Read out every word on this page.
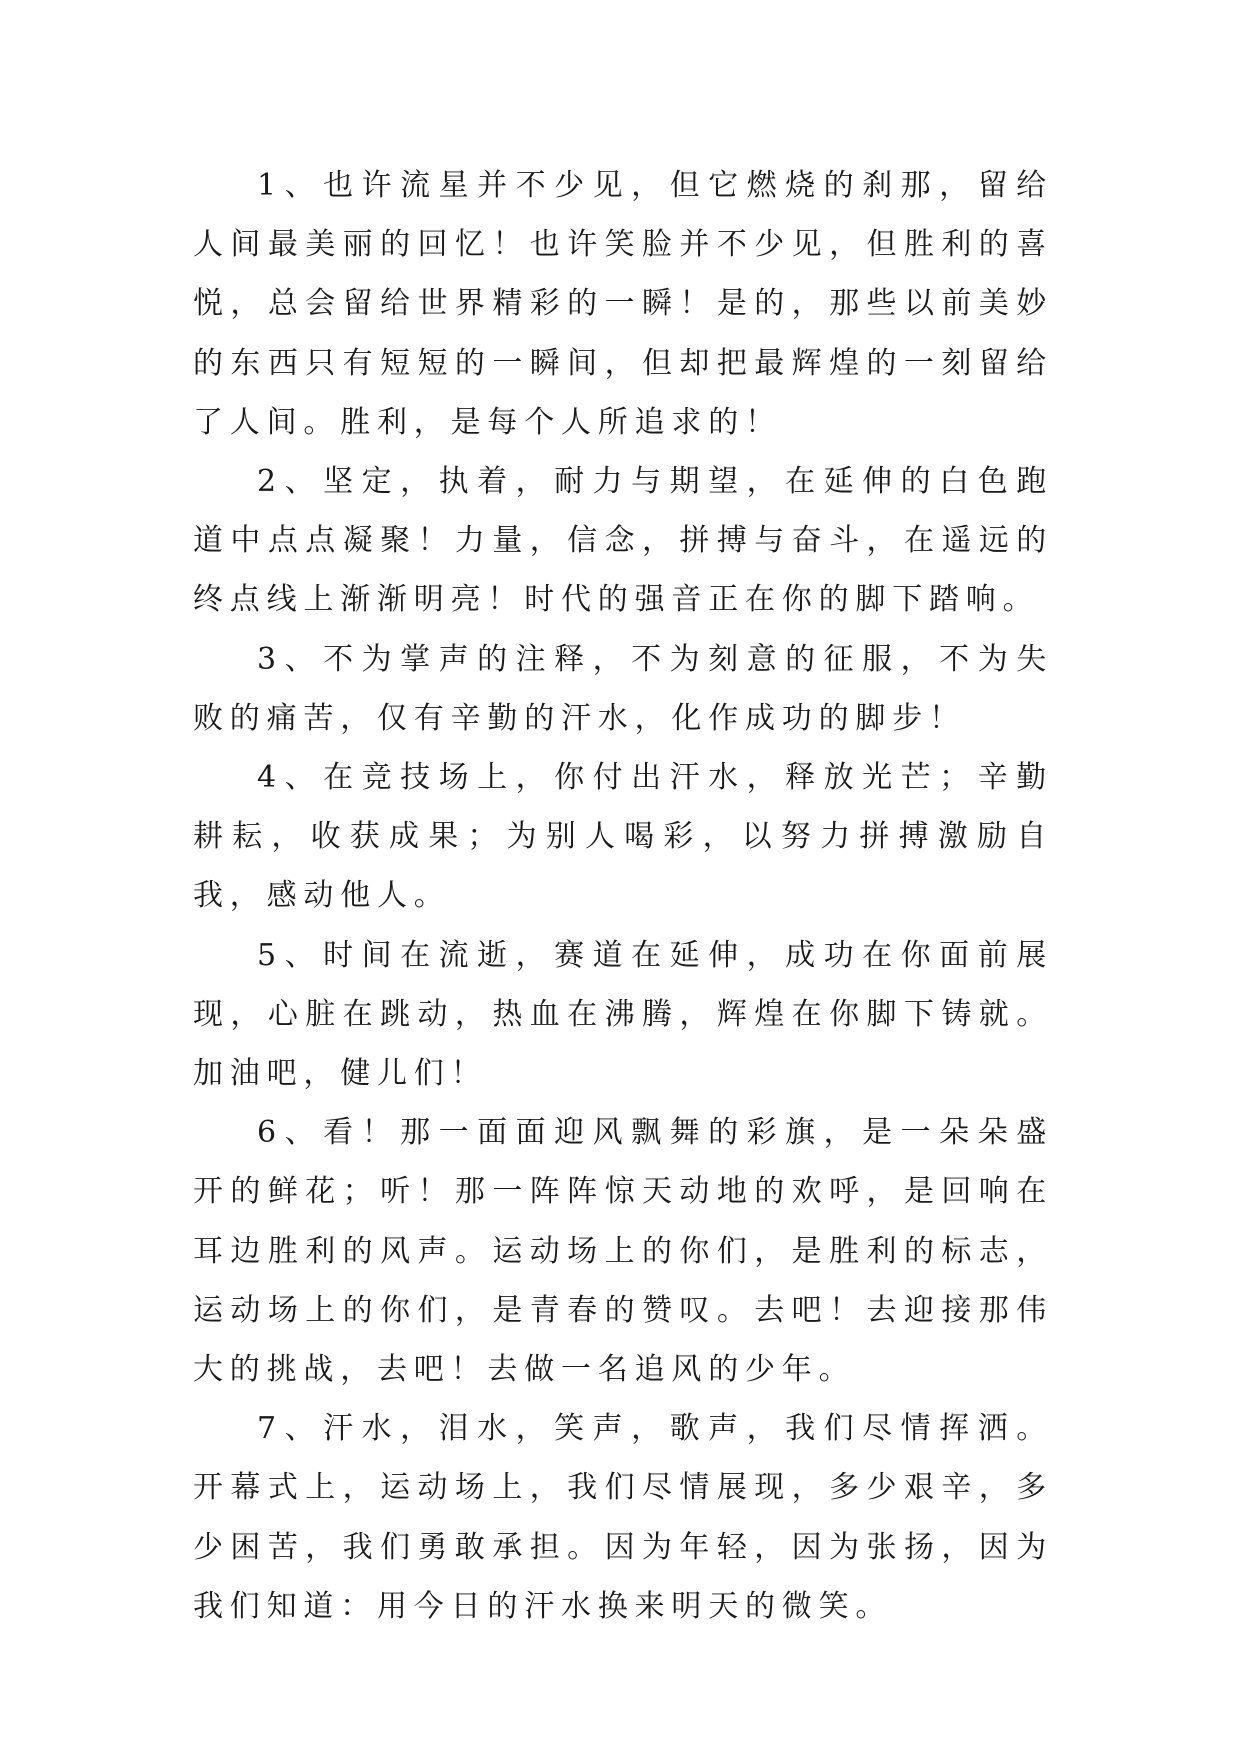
1、也许流星并不少见，但它燃烧的刹那，留给人间最美丽的回忆！也许笑脸并不少见，但胜利的喜悦，总会留给世界精彩的一瞬！是的，那些以前美妙的东西只有短短的一瞬间，但却把最辉煌的一刻留给了人间。胜利，是每个人所追求的！

2、坚定，执着，耐力与期望，在延伸的白色跑道中点点凝聚！力量，信念，拼搏与奋斗，在遥远的终点线上渐渐明亮！时代的强音正在你的脚下踏响。

3、不为掌声的注释，不为刻意的征服，不为失败的痛苦，仅有辛勤的汗水，化作成功的脚步！

4、在竞技场上，你付出汗水，释放光芒；辛勤耕耘，收获成果；为别人喝彩，以努力拼搏激励自我，感动他人。

5、时间在流逝，赛道在延伸，成功在你面前展现，心脏在跳动，热血在沸腾，辉煌在你脚下铸就。加油吧，健儿们！

6、看！那一面面迎风飘舞的彩旗，是一朵朵盛开的鲜花；听！那一阵阵惊天动地的欢呼，是回响在耳边胜利的风声。运动场上的你们，是胜利的标志，运动场上的你们，是青春的赞叹。去吧！去迎接那伟大的挑战，去吧！去做一名追风的少年。

7、汗水，泪水，笑声，歌声，我们尽情挥洒。开幕式上，运动场上，我们尽情展现，多少艰辛，多少困苦，我们勇敢承担。因为年轻，因为张扬，因为我们知道：用今日的汗水换来明天的微笑。
